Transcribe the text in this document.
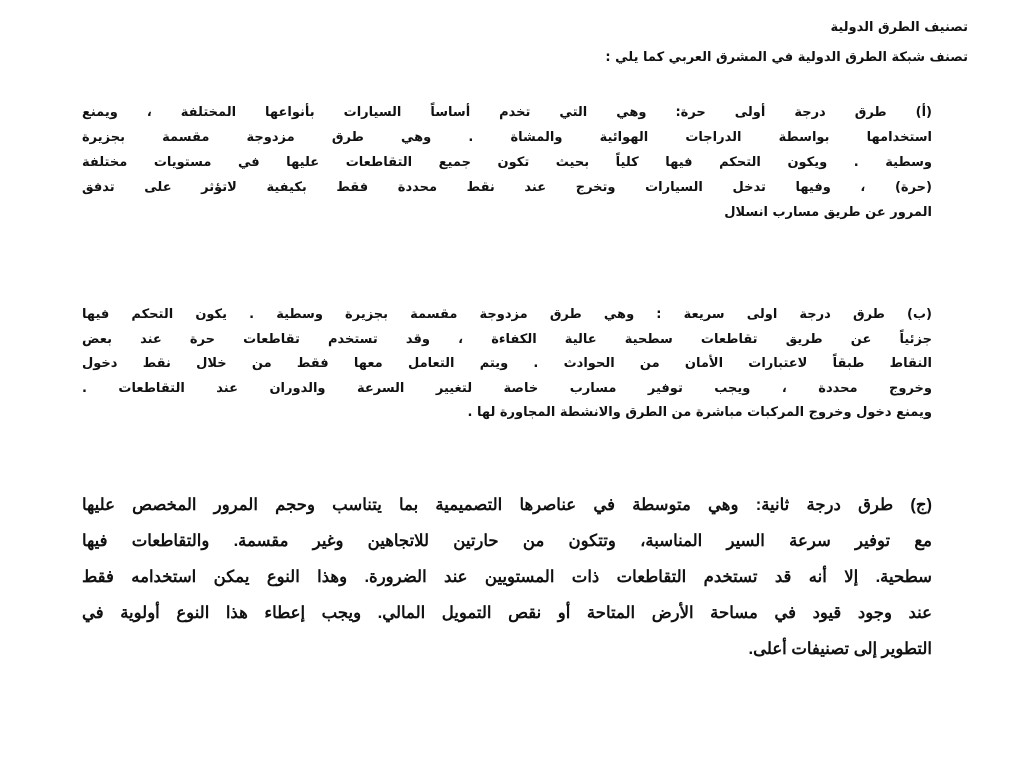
تصنيف الطرق الدولية
تصنف شبكة الطرق الدولية في المشرق العربي كما يلي :
(أ) طرق درجة أولى حرة: وهي التي تخدم أساساً السيارات بأنواعها المختلفة ، ويمنع
استخدامها بواسطة الدراجات الهوائية والمشاة . وهي طرق مزدوجة مقسمة بجزيرة
وسطية . ويكون التحكم فيها كلياً بحيث تكون جميع التقاطعات عليها في مستويات مختلفة
(حرة) ، وفيها تدخل السيارات وتخرج عند نقط محددة فقط بكيفية لاتؤثر على تدفق
المرور عن طريق مسارب انسلال
(ب) طرق درجة اولى سريعة : وهي طرق مزدوجة مقسمة بجزيرة وسطية . يكون التحكم فيها
جزئياً عن طريق تقاطعات سطحية عالية الكفاءة ، وقد تستخدم تقاطعات حرة عند بعض
النقاط طبقاً لاعتبارات الأمان من الحوادث . ويتم التعامل معها فقط من خلال نقط دخول
وخروج محددة ، ويجب توفير مسارب خاصة لتغيير السرعة والدوران عند التقاطعات .
ويمنع دخول وخروج المركبات مباشرة من الطرق والانشطة المجاورة لها .
(ج) طرق درجة ثانية: وهي متوسطة في عناصرها التصميمية بما يتناسب وحجم المرور المخصص عليها
مع توفير سرعة السير المناسبة، وتتكون من حارتين للاتجاهين وغير مقسمة. والتقاطعات فيها
سطحية. إلا أنه قد تستخدم التقاطعات ذات المستويين عند الضرورة. وهذا النوع يمكن استخدامه فقط
عند وجود قيود في مساحة الأرض المتاحة أو نقص التمويل المالي. ويجب إعطاء هذا النوع أولوية في
التطوير إلى تصنيفات أعلى.
